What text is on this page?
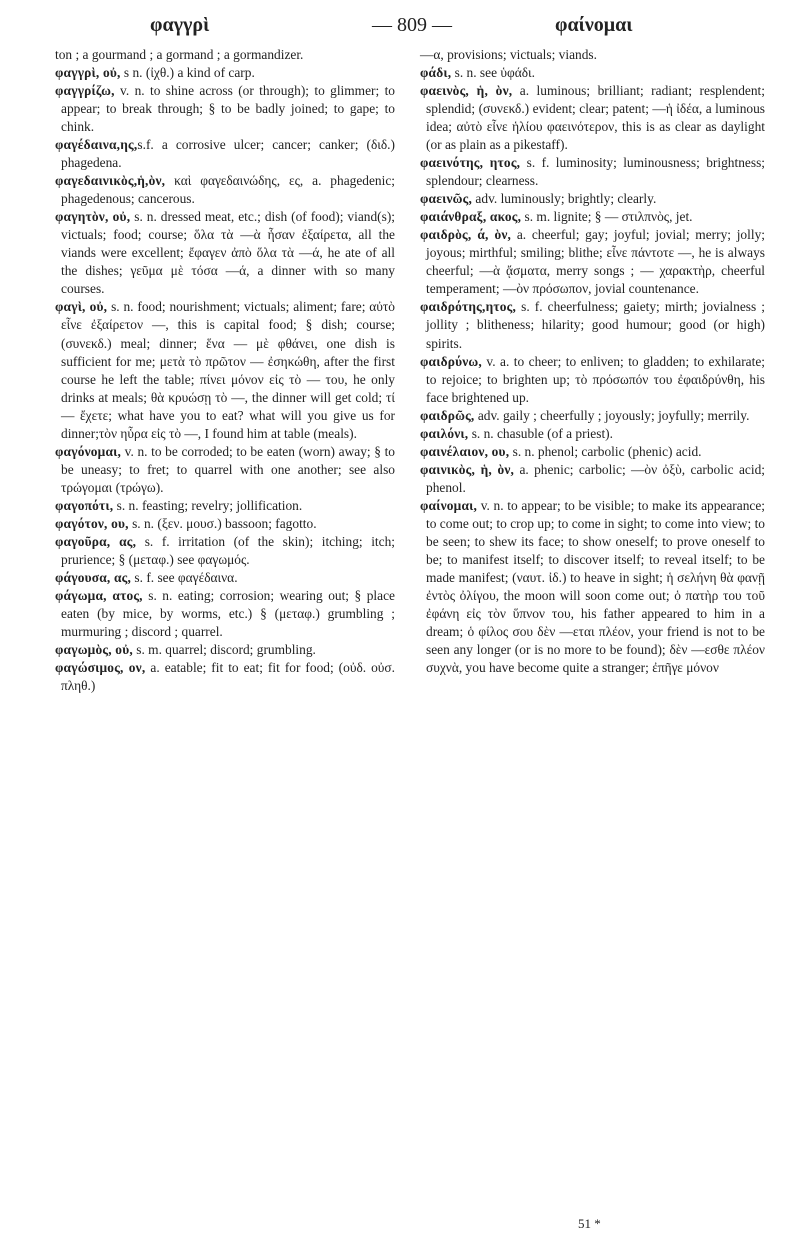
φαγγρὶ	— 809 —	φαίνομαι

ton ; a gourmand ; a gormand ; a gormandizer.

φαγγρὶ, οὐ, s n. (ἰχθ.) a kind of carp.

φαγγρίζω, v. n. to shine across (or through); to glimmer; to appear; to break through; § to be badly joined; to gape; to chink.

φαγέδαινα,ης,s.f. a corrosive ulcer; cancer; canker; (διδ.) phagedena.

φαγεδαινικὸς,ἡ,ὸν, καὶ φαγεδαινώδης, ες, a. phagedenic; phagedenous; cancerous.

φαγητὸν, οὐ, s. n. dressed meat, etc.; dish (of food); viand(s); victuals; food; course; ὅλα τὰ —ὰ ἦσαν ἐξαίρετα, all the viands were excellent; ἔφαγεν ἀπὸ ὅλα τὰ —ά, he ate of all the dishes; γεῦμα μὲ τόσα —ά, a dinner with so many courses.

φαγὶ, οὐ, s. n. food; nourishment; victuals; aliment; fare; αὐτὸ εἶνε ἐξαίρετον —, this is capital food; § dish; course; (συνεκδ.) meal; dinner; ἕνα — μὲ φθάνει, one dish is sufficient for me; μετὰ τὸ πρῶτον — ἐσηκώθη, after the first course he left the table; πίνει μόνον εἰς τὸ — του, he only drinks at meals; θὰ κρυώσῃ τὸ —, the dinner will get cold; τί— ἔχετε; what have you to eat? what will you give us for dinner;τὸν ηὗρα εἰς τὸ —, I found him at table (meals).

φαγόνομαι, v. n. to be corroded; to be eaten (worn) away; § to be uneasy; to fret; to quarrel with one another; see also τρώγομαι (τρώγω).

φαγοπότι, s. n. feasting; revelry; jollification.

φαγότον, ου, s. n. (ξεν. μουσ.) bassoon; fagotto.

φαγοῦρα, ας, s. f. irritation (of the skin); itching; itch; prurience; § (μεταφ.) see φαγωμός.

φάγουσα, ας, s. f. see φαγέδαινα.

φάγωμα, ατος, s. n. eating; corrosion; wearing out; § place eaten (by mice, by worms, etc.) § (μεταφ.) grumbling ; murmuring ; discord ; quarrel.

φαγωμὸς, οὐ, s. m. quarrel; discord; grumbling.

φαγώσιμος, ον, a. eatable; fit to eat; fit for food; (οὐδ. οὐσ. πληθ.)

—α, provisions; victuals; viands.

φάδι, s. n. see ὑφάδι.

φαεινὸς, ἡ, ὸν, a. luminous; brilliant; radiant; resplendent; splendid; (συνεκδ.) evident; clear; patent; —ἡ ἰδέα, a luminous idea; αὐτὸ εἶνε ἡλίου φαεινότερον, this is as clear as daylight (or as plain as a pikestaff).

φαεινότης, ητος, s. f. luminosity; luminousness; brightness; splendour; clearness.

φαεινῶς, adv. luminously; brightly; clearly.

φαιάνθραξ, ακος, s. m. lignite; § — στιλπνὸς, jet.

φαιδρὸς, ά, ὸν, a. cheerful; gay; joyful; jovial; merry; jolly; joyous; mirthful; smiling; blithe; εἶνε πάντοτε —, he is always cheerful; —ὰ ᾄσματα, merry songs ; — χαρακτὴρ, cheerful temperament; —ὸν πρόσωπον, jovial countenance.

φαιδρότης,ητος, s. f. cheerfulness; gaiety; mirth; jovialness ; jollity ; blitheness; hilarity; good humour; good (or high) spirits.

φαιδρύνω, v. a. to cheer; to enliven; to gladden; to exhilarate; to rejoice; to brighten up; τὸ πρόσωπόν του ἐφαιδρύνθη, his face brightened up.

φαιδρῶς, adv. gaily ; cheerfully ; joyously; joyfully; merrily.

φαιλόνι, s. n. chasuble (of a priest).

φαινέλαιον, ου, s. n. phenol; carbolic (phenic) acid.

φαινικὸς, ἡ, ὸν, a. phenic; carbolic; —ὸν ὀξὺ, carbolic acid; phenol.

φαίνομαι, v. n. to appear; to be visible; to make its appearance; to come out; to crop up; to come in sight; to come into view; to be seen; to shew its face; to show oneself; to prove oneself to be; to manifest itself; to discover itself; to reveal itself; to be made manifest; (ναυτ. ἰδ.) to heave in sight; ἡ σελήνη θὰ φανῇ ἐντὸς ὀλίγου, the moon will soon come out; ὁ πατὴρ του τοῦ ἐφάνη εἰς τὸν ὕπνον του, his father appeared to him in a dream; ὁ φίλος σου δὲν —εται πλέον, your friend is not to be seen any longer (or is no more to be found); δὲν —εσθε πλέον συχνὰ, you have become quite a stranger; ἐπῆγε μόνον

51 *
